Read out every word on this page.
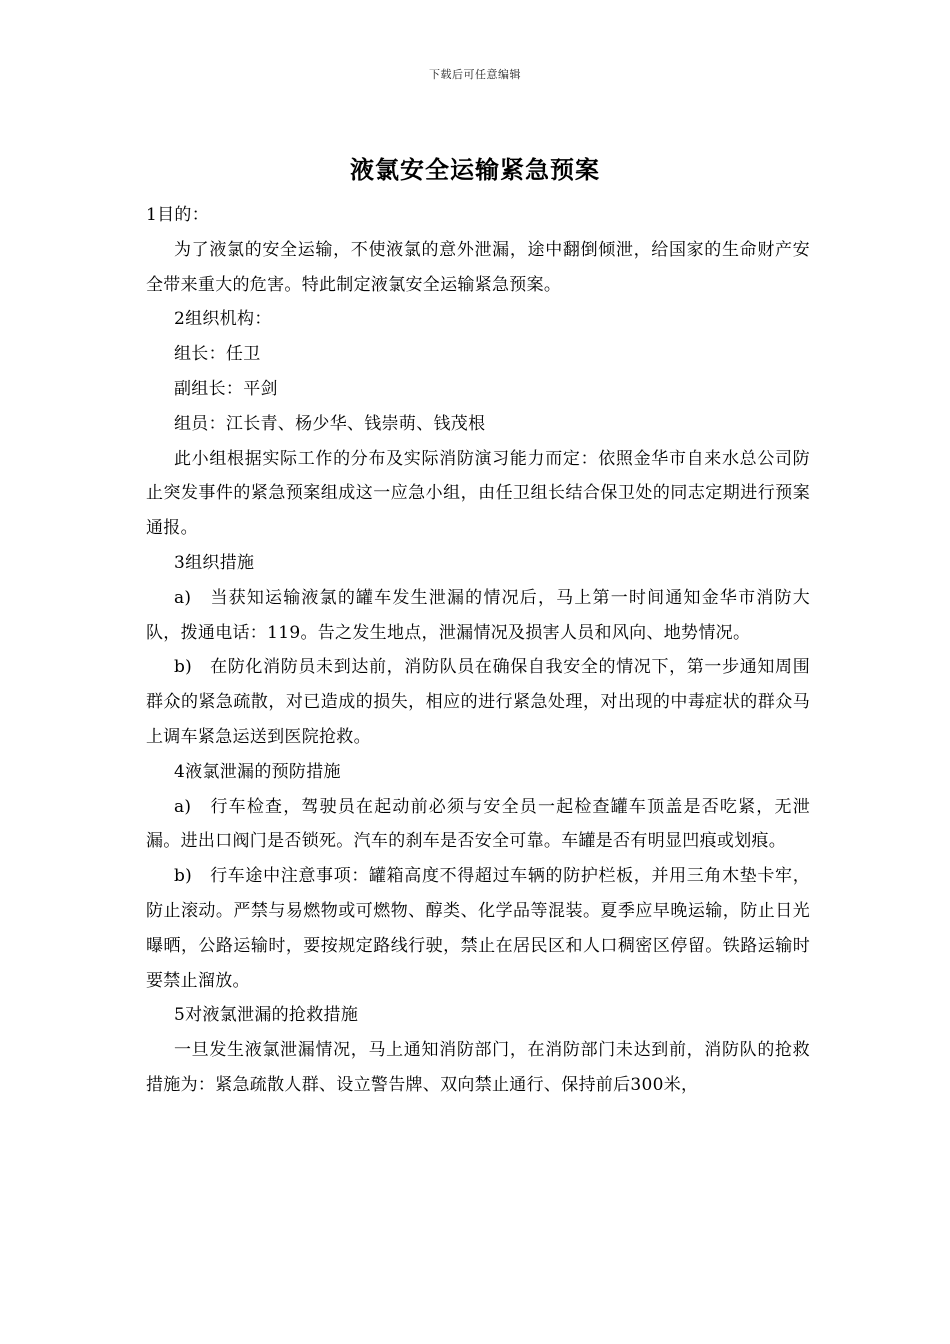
下载后可任意编辑
液氯安全运输紧急预案

1目的：

为了液氯的安全运输，不使液氯的意外泄漏，途中翻倒倾泄，给国家的生命财产安全带来重大的危害。特此制定液氯安全运输紧急预案。

2组织机构：

组长：任卫

副组长：平剑

组员：江长青、杨少华、钱崇萌、钱茂根

此小组根据实际工作的分布及实际消防演习能力而定：依照金华市自来水总公司防止突发事件的紧急预案组成这一应急小组，由任卫组长结合保卫处的同志定期进行预案通报。

3组织措施

a)　当获知运输液氯的罐车发生泄漏的情况后，马上第一时间通知金华市消防大队，拨通电话：119。告之发生地点，泄漏情况及损害人员和风向、地势情况。

b)　在防化消防员未到达前，消防队员在确保自我安全的情况下，第一步通知周围群众的紧急疏散，对已造成的损失，相应的进行紧急处理，对出现的中毒症状的群众马上调车紧急运送到医院抢救。

4液氯泄漏的预防措施

a)　行车检查，驾驶员在起动前必须与安全员一起检查罐车顶盖是否吃紧，无泄漏。进出口阀门是否锁死。汽车的刹车是否安全可靠。车罐是否有明显凹痕或划痕。

b)　行车途中注意事项：罐箱高度不得超过车辆的防护栏板，并用三角木垫卡牢，防止滚动。严禁与易燃物或可燃物、醇类、化学品等混装。夏季应早晚运输，防止日光曝晒，公路运输时，要按规定路线行驶，禁止在居民区和人口稠密区停留。铁路运输时要禁止溜放。

5对液氯泄漏的抢救措施

一旦发生液氯泄漏情况，马上通知消防部门，在消防部门未达到前，消防队的抢救措施为：紧急疏散人群、设立警告牌、双向禁止通行、保持前后300米，
